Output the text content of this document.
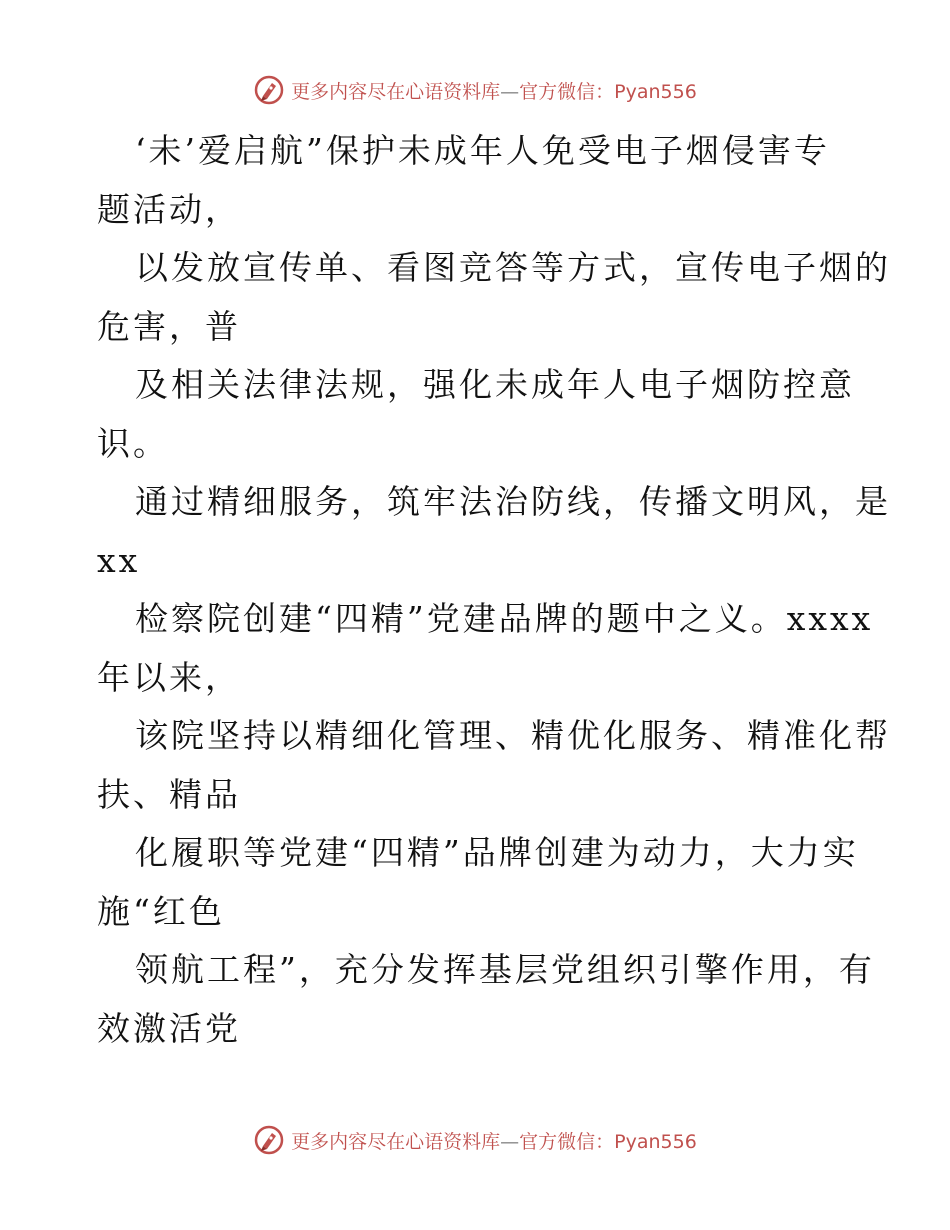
更多内容尽在心语资料库—官方微信：Pyan556
‘未’爱启航”保护未成年人免受电子烟侵害专
题活动，
以发放宣传单、看图竞答等方式，宣传电子烟的
危害，普
及相关法律法规，强化未成年人电子烟防控意
识。
通过精细服务，筑牢法治防线，传播文明风，是
xx
检察院创建“四精”党建品牌的题中之义。xxxx
年以来，
该院坚持以精细化管理、精优化服务、精准化帮
扶、精品
化履职等党建“四精”品牌创建为动力，大力实
施“红色
领航工程”，充分发挥基层党组织引擎作用，有
效激活党
更多内容尽在心语资料库—官方微信：Pyan556
